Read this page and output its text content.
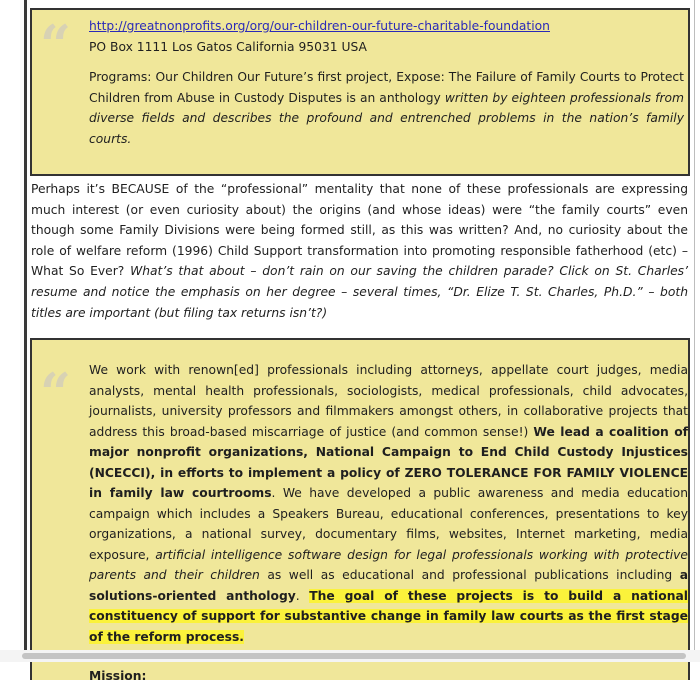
“ http://greatnonprofits.org/org/our-children-our-future-charitable-foundation
PO Box 1111 Los Gatos California 95031 USA
Programs: Our Children Our Future’s first project, Expose: The Failure of Family Courts to Protect Children from Abuse in Custody Disputes is an anthology written by eighteen professionals from diverse fields and describes the profound and entrenched problems in the nation’s family courts.

Perhaps it’s BECAUSE of the “professional” mentality that none of these professionals are expressing much interest (or even curiosity about) the origins (and whose ideas) were “the family courts” even though some Family Divisions were being formed still, as this was written? And, no curiosity about the role of welfare reform (1996) Child Support transformation into promoting responsible fatherhood (etc) – What So Ever? What’s that about – don’t rain on our saving the children parade? Click on St. Charles’ resume and notice the emphasis on her degree – several times, “Dr. Elize T. St. Charles, Ph.D.” – both titles are important (but filing tax returns isn’t?)

“	We work with renown[ed] professionals including attorneys, appellate court judges, media analysts, mental health professionals, sociologists, medical professionals, child advocates, journalists, university professors and filmmakers amongst others, in collaborative projects that address this broad-based miscarriage of justice (and common sense!) We lead a coalition of major nonprofit organizations, National Campaign to End Child Custody Injustices (NCECCI), in efforts to implement a policy of ZERO TOLERANCE FOR FAMILY VIOLENCE in family law courtrooms. We have developed a public awareness and media education campaign which includes a Speakers Bureau, educational conferences, presentations to key organizations, a national survey, documentary films, websites, Internet marketing, media exposure, artificial intelligence software design for legal professionals working with protective parents and their children as well as educational and professional publications including a solutions-oriented anthology. The goal of these projects is to build a national constituency of support for substantive change in family law courts as the first stage of the reform process.
Mission:
